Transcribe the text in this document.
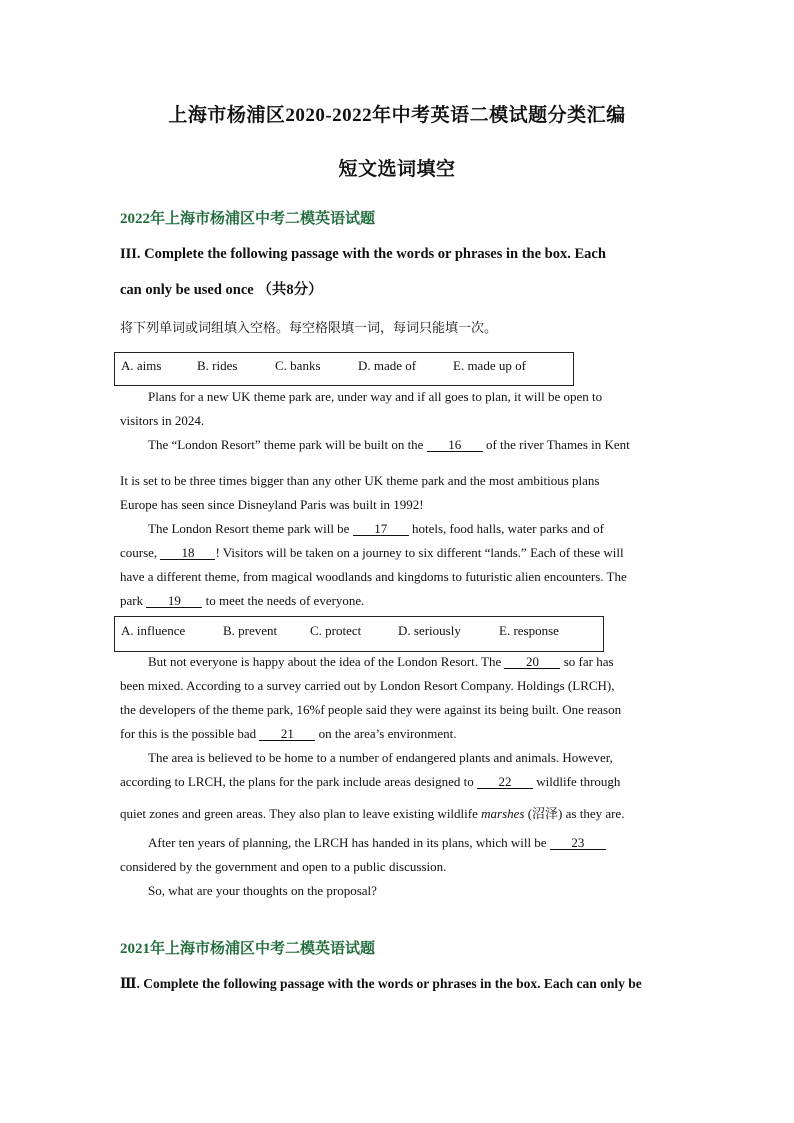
上海市杨浦区2020-2022年中考英语二模试题分类汇编
短文选词填空
2022年上海市杨浦区中考二模英语试题
III. Complete the following passage with the words or phrases in the box. Each
can only be used once （共8分）
将下列单词或词组填入空格。每空格限填一词，每词只能填一次。
A. aims	B. rides	C. banks	D. made of	E. made up of
Plans for a new UK theme park are, under way and if all goes to plan, it will be open to
visitors in 2024.
The “London Resort” theme park will be built on the 16 of the river Thames in Kent
It is set to be three times bigger than any other UK theme park and the most ambitious plans
Europe has seen since Disneyland Paris was built in 1992!
The London Resort theme park will be 17 hotels, food halls, water parks and of
course, 18 ! Visitors will be taken on a journey to six different “lands.” Each of these will
have a different theme, from magical woodlands and kingdoms to futuristic alien encounters. The
park 19 to meet the needs of everyone.
A. influence	B. prevent	C. protect	D. seriously	E. response
But not everyone is happy about the idea of the London Resort. The 20 so far has
been mixed. According to a survey carried out by London Resort Company. Holdings (LRCH),
the developers of the theme park, 16%f people said they were against its being built. One reason
for this is the possible bad 21 on the area’s environment.
The area is believed to be home to a number of endangered plants and animals. However,
according to LRCH, the plans for the park include areas designed to 22 wildlife through
quiet zones and green areas. They also plan to leave existing wildlife marshes (沼泽) as they are.
After ten years of planning, the LRCH has handed in its plans, which will be 23
considered by the government and open to a public discussion.
So, what are your thoughts on the proposal?
2021年上海市杨浦区中考二模英语试题
Ⅲ. Complete the following passage with the words or phrases in the box. Each can only be
